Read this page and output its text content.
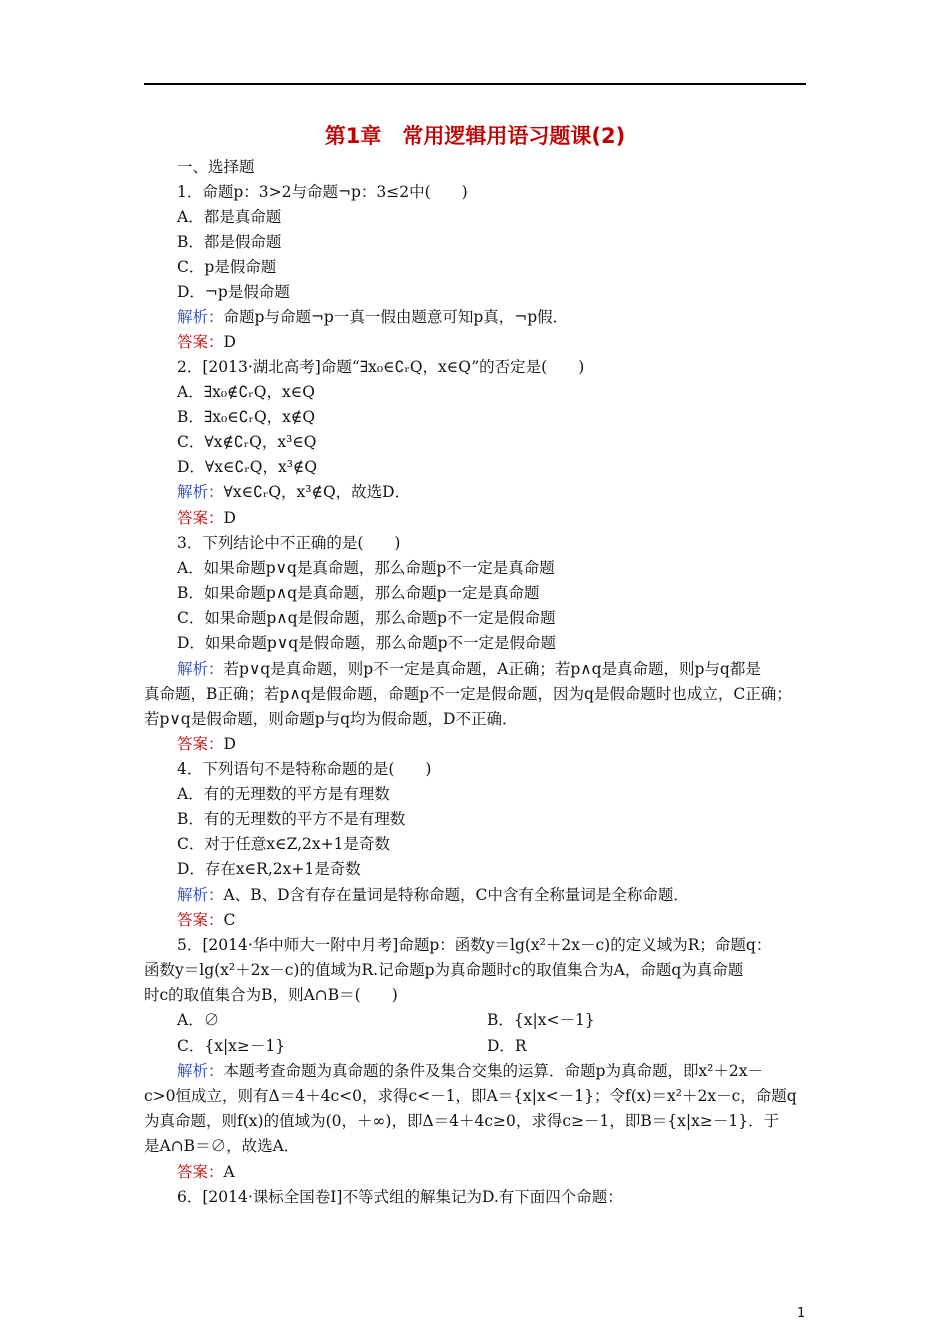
第1章　常用逻辑用语习题课(2)
一、选择题
1．命题p：3>2与命题¬p：3≤2中(　　)
A．都是真命题
B．都是假命题
C．p是假命题
D．¬p是假命题
解析：命题p与命题¬p一真一假由题意可知p真，¬p假．
答案：D
2．[2013·湖北高考]命题“∃x₀∈∁ᵣQ，x∈Q”的否定是(　　)
A．∃x₀∉∁ᵣQ，x∈Q
B．∃x₀∈∁ᵣQ，x∉Q
C．∀x∉∁ᵣQ，x³∈Q
D．∀x∈∁ᵣQ，x³∉Q
解析：∀x∈∁ᵣQ，x³∉Q，故选D．
答案：D
3．下列结论中不正确的是(　　)
A．如果命题p∨q是真命题，那么命题p不一定是真命题
B．如果命题p∧q是真命题，那么命题p一定是真命题
C．如果命题p∧q是假命题，那么命题p不一定是假命题
D．如果命题p∨q是假命题，那么命题p不一定是假命题
解析：若p∨q是真命题，则p不一定是真命题，A正确；若p∧q是真命题，则p与q都是
真命题，B正确；若p∧q是假命题，命题p不一定是假命题，因为q是假命题时也成立，C正确；
若p∨q是假命题，则命题p与q均为假命题，D不正确．
答案：D
4．下列语句不是特称命题的是(　　)
A．有的无理数的平方是有理数
B．有的无理数的平方不是有理数
C．对于任意x∈Z,2x+1是奇数
D．存在x∈R,2x+1是奇数
解析：A、B、D含有存在量词是特称命题，C中含有全称量词是全称命题．
答案：C
5．[2014·华中师大一附中月考]命题p：函数y＝lg(x²＋2x－c)的定义域为R；命题q：
函数y＝lg(x²＋2x－c)的值域为R.记命题p为真命题时c的取值集合为A，命题q为真命题
时c的取值集合为B，则A∩B＝(　　)
A．∅	B．{x|x<－1}
C．{x|x≥－1}	D．R
解析：本题考查命题为真命题的条件及集合交集的运算．命题p为真命题，即x²＋2x－
c>0恒成立，则有Δ＝4＋4c<0，求得c<－1，即A＝{x|x<－1}；令f(x)＝x²＋2x－c，命题q
为真命题，则f(x)的值域为(0，＋∞)，即Δ＝4＋4c≥0，求得c≥－1，即B＝{x|x≥－1}．于
是A∩B＝∅，故选A．
答案：A
6．[2014·课标全国卷Ⅰ]不等式组的解集记为D.有下面四个命题：
1
